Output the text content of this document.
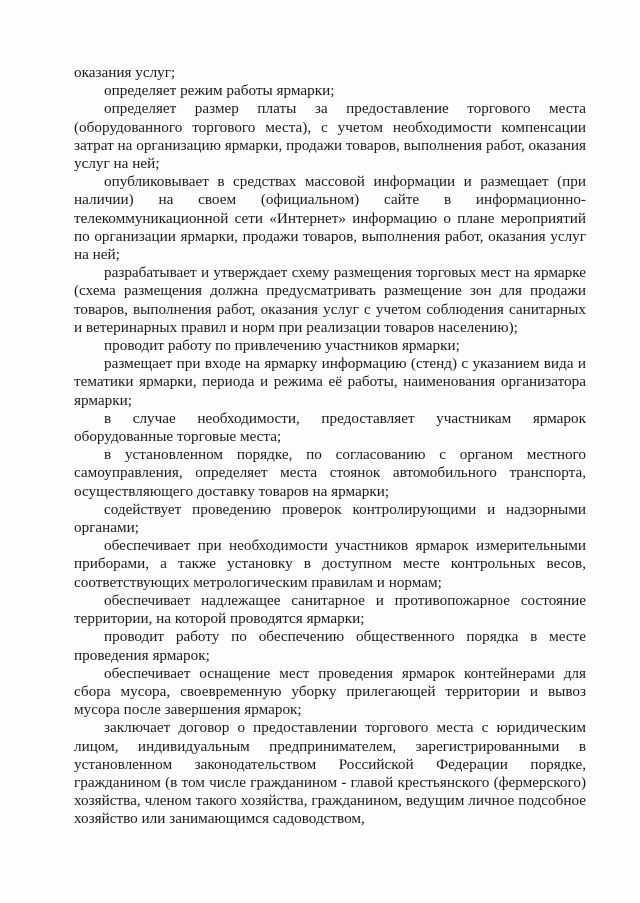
оказания услуг;

определяет режим работы ярмарки;

определяет размер платы за предоставление торгового места (оборудованного торгового места), с учетом необходимости компенсации затрат на организацию ярмарки, продажи товаров, выполнения работ, оказания услуг на ней;

опубликовывает в средствах массовой информации и размещает (при наличии) на своем (официальном) сайте в информационно-телекоммуникационной сети «Интернет» информацию о плане мероприятий по организации ярмарки, продажи товаров, выполнения работ, оказания услуг на ней;

разрабатывает и утверждает схему размещения торговых мест на ярмарке (схема размещения должна предусматривать размещение зон для продажи товаров, выполнения работ, оказания услуг с учетом соблюдения санитарных и ветеринарных правил и норм при реализации товаров населению);

проводит работу по привлечению участников ярмарки;

размещает при входе на ярмарку информацию (стенд) с указанием вида и тематики ярмарки, периода и режима её работы, наименования организатора ярмарки;

в случае необходимости, предоставляет участникам ярмарок оборудованные торговые места;

в установленном порядке, по согласованию с органом местного самоуправления, определяет места стоянок автомобильного транспорта, осуществляющего доставку товаров на ярмарки;

содействует проведению проверок контролирующими и надзорными органами;

обеспечивает при необходимости участников ярмарок измерительными приборами, а также установку в доступном месте контрольных весов, соответствующих метрологическим правилам и нормам;

обеспечивает надлежащее санитарное и противопожарное состояние территории, на которой проводятся ярмарки;

проводит работу по обеспечению общественного порядка в месте проведения ярмарок;

обеспечивает оснащение мест проведения ярмарок контейнерами для сбора мусора, своевременную уборку прилегающей территории и вывоз мусора после завершения ярмарок;

заключает договор о предоставлении торгового места с юридическим лицом, индивидуальным предпринимателем, зарегистрированными в установленном законодательством Российской Федерации порядке, гражданином (в том числе гражданином - главой крестьянского (фермерского) хозяйства, членом такого хозяйства, гражданином, ведущим личное подсобное хозяйство или занимающимся садоводством,
